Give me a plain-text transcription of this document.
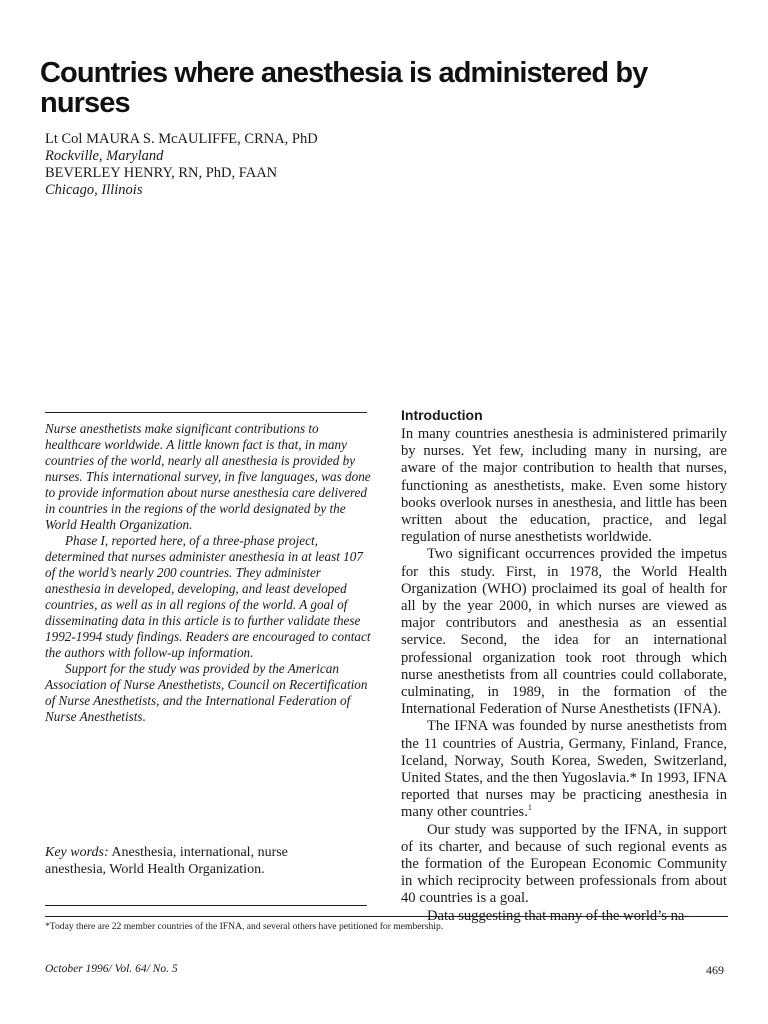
Countries where anesthesia is administered by nurses
Lt Col MAURA S. McAULIFFE, CRNA, PhD
Rockville, Maryland
BEVERLEY HENRY, RN, PhD, FAAN
Chicago, Illinois

Nurse anesthetists make significant contributions to healthcare worldwide. A little known fact is that, in many countries of the world, nearly all anesthesia is provided by nurses. This international survey, in five languages, was done to provide information about nurse anesthesia care delivered in countries in the regions of the world designated by the World Health Organization.

Phase I, reported here, of a three-phase project, determined that nurses administer anesthesia in at least 107 of the world’s nearly 200 countries. They administer anesthesia in developed, developing, and least developed countries, as well as in all regions of the world. A goal of disseminating data in this article is to further validate these 1992-1994 study findings. Readers are encouraged to contact the authors with follow-up information.

Support for the study was provided by the American Association of Nurse Anesthetists, Council on Recertification of Nurse Anesthetists, and the International Federation of Nurse Anesthetists.

Key words: Anesthesia, international, nurse anesthesia, World Health Organization.
Introduction

In many countries anesthesia is administered primarily by nurses. Yet few, including many in nursing, are aware of the major contribution to health that nurses, functioning as anesthetists, make. Even some history books overlook nurses in anesthesia, and little has been written about the education, practice, and legal regulation of nurse anesthetists worldwide.

Two significant occurrences provided the impetus for this study. First, in 1978, the World Health Organization (WHO) proclaimed its goal of health for all by the year 2000, in which nurses are viewed as major contributors and anesthesia as an essential service. Second, the idea for an international professional organization took root through which nurse anesthetists from all countries could collaborate, culminating, in 1989, in the formation of the International Federation of Nurse Anesthetists (IFNA).

The IFNA was founded by nurse anesthetists from the 11 countries of Austria, Germany, Finland, France, Iceland, Norway, South Korea, Sweden, Switzerland, United States, and the then Yugoslavia.* In 1993, IFNA reported that nurses may be practicing anesthesia in many other countries.$^1$

Our study was supported by the IFNA, in support of its charter, and because of such regional events as the formation of the European Economic Community in which reciprocity between professionals from about 40 countries is a goal.

Data suggesting that many of the world’s na-

*Today there are 22 member countries of the IFNA, and several others have petitioned for membership.
October 1996/ Vol. 64/ No. 5	469
